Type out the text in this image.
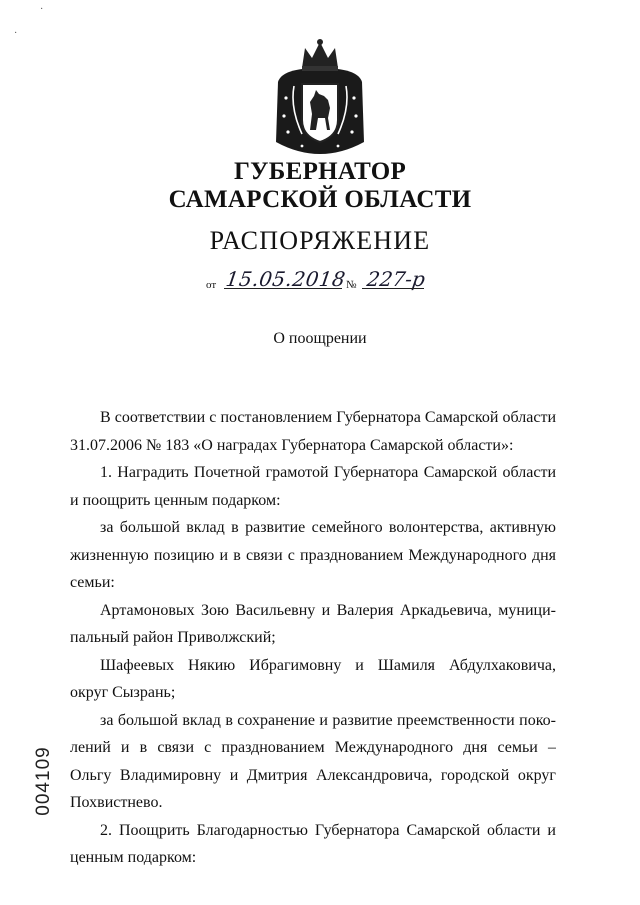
·
·
ГУБЕРНАТОР
САМАРСКОЙ ОБЛАСТИ
РАСПОРЯЖЕНИЕ
от 15.05.2018
№ 227-р
О поощрении
В соответствии с постановлением Губернатора Самарской области
31.07.2006 № 183 «О наградах Губернатора Самарской области»:
1. Наградить Почетной грамотой Губернатора Самарской области
и поощрить ценным подарком:
за большой вклад в развитие семейного волонтерства, активную
жизненную позицию и в связи с празднованием Международного дня
семьи:
Артамоновых Зою Васильевну и Валерия Аркадьевича, муници-
пальный район Приволжский;
Шафеевых Някию Ибрагимовну и Шамиля Абдулхаковича,
округ Сызрань;
за большой вклад в сохранение и развитие преемственности поко-
лений и в связи с празднованием Международного дня семьи –
Ольгу Владимировну и Дмитрия Александровича, городской округ
Похвистнево.
2. Поощрить Благодарностью Губернатора Самарской области и
ценным подарком:
004109
